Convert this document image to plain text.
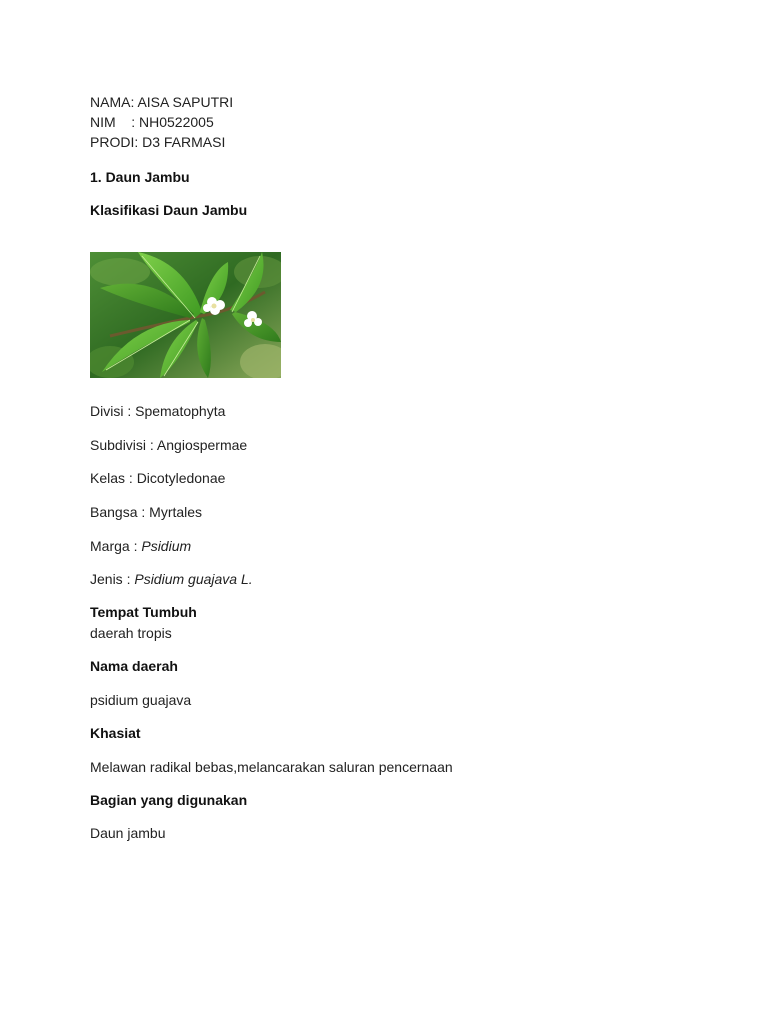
NAMA: AISA SAPUTRI
NIM    : NH0522005
PRODI: D3 FARMASI
1. Daun Jambu
Klasifikasi Daun Jambu
Divisi : Spematophyta
Subdivisi : Angiospermae
Kelas : Dicotyledonae
Bangsa : Myrtales
Marga : Psidium
Jenis : Psidium guajava L.
Tempat Tumbuh
daerah tropis
Nama daerah
psidium guajava
Khasiat
Melawan radikal bebas,melancarakan saluran pencernaan
Bagian yang digunakan
Daun jambu
